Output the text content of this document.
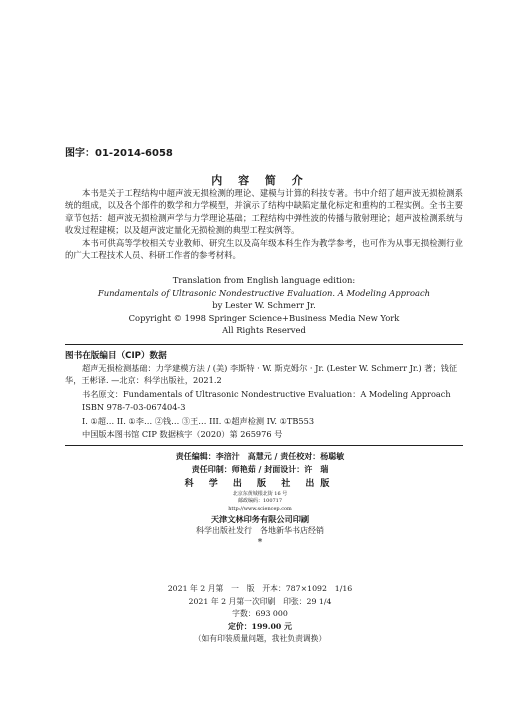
图字：01-2014-6058
内 容 简 介

本书是关于工程结构中超声波无损检测的理论、建模与计算的科技专著。书中介绍了超声波无损检测系统的组成，以及各个部件的数学和力学模型，并演示了结构中缺陷定量化标定和重构的工程实例。全书主要章节包括：超声波无损检测声学与力学理论基础；工程结构中弹性波的传播与散射理论；超声波检测系统与收发过程建模；以及超声波定量化无损检测的典型工程实例等。

本书可供高等学校相关专业教师、研究生以及高年级本科生作为教学参考，也可作为从事无损检测行业的广大工程技术人员、科研工作者的参考材料。

Translation from English language edition:
Fundamentals of Ultrasonic Nondestructive Evaluation. A Modeling Approach
by Lester W. Schmerr Jr.
Copyright © 1998 Springer Science+Business Media New York
All Rights Reserved
图书在版编目（CIP）数据

超声无损检测基础：力学建模方法 / (美) 李斯特 · W. 斯克姆尔 · Jr. (Lester W. Schmerr Jr.) 著；钱征华，王彬译. —北京：科学出版社，2021.2

书名原文：Fundamentals of Ultrasonic Nondestructive Evaluation：A Modeling Approach

ISBN 978-7-03-067404-3

I. ①超… II. ①李… ②钱… ③王… III. ①超声检测 IV. ①TB553

中国版本图书馆 CIP 数据核字（2020）第 265976 号

责任编辑：李涪汁　高慧元 / 责任校对：杨聪敏
责任印制：师艳茹 / 封面设计：许　瑞
科 学 出 版 社 出版
北京东黄城根北街 16 号
邮政编码：100717
http://www.sciencep.com
天津文林印务有限公司印刷
科学出版社发行　各地新华书店经销
*
2021 年 2 月第　一　版　开本：787×1092　1/16
2021 年 2 月第一次印刷　印张：29 1/4
字数：693 000
定价：199.00 元
（如有印装质量问题，我社负责调换）
